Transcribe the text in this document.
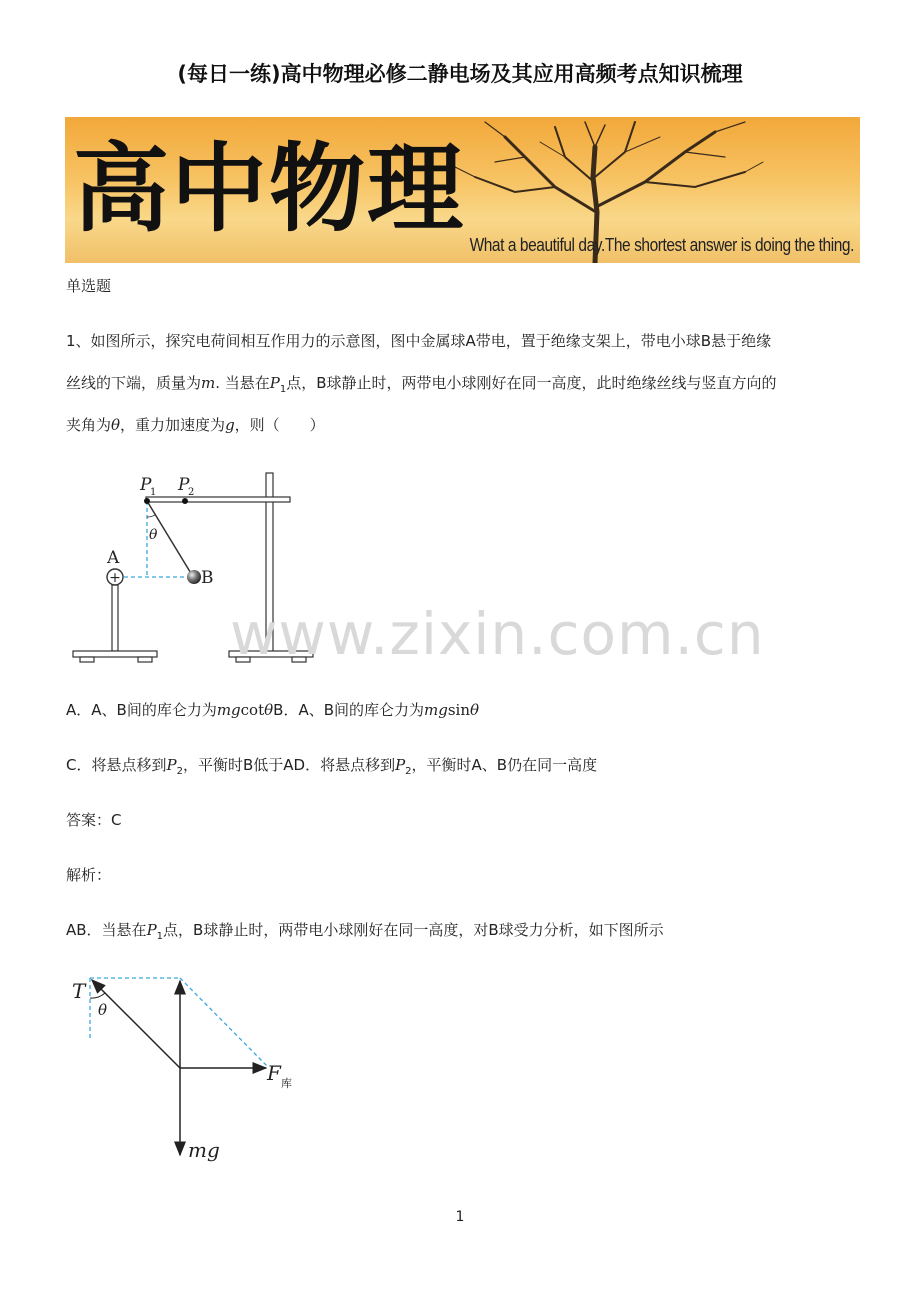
(每日一练)高中物理必修二静电场及其应用高频考点知识梳理
高中物理 What a beautiful day.The shortest answer is doing the thing.
单选题
1、如图所示，探究电荷间相互作用力的示意图，图中金属球A带电，置于绝缘支架上，带电小球B悬于绝缘
丝线的下端，质量为m. 当悬在$P_1$点，B球静止时，两带电小球刚好在同一高度，此时绝缘丝线与竖直方向的
夹角为θ，重力加速度为g，则（　　）
+
P
1 P
2
θ
A
B
www.zixin.com.cn
A．A、B间的库仑力为mgcotθB．A、B间的库仑力为mgsinθ
C．将悬点移到$P_2$，平衡时B低于AD．将悬点移到$P_2$，平衡时A、B仍在同一高度
答案：C
解析：
AB．当悬在$P_1$点，B球静止时，两带电小球刚好在同一高度，对B球受力分析，如下图所示
T
θ
F 库
mg
1
